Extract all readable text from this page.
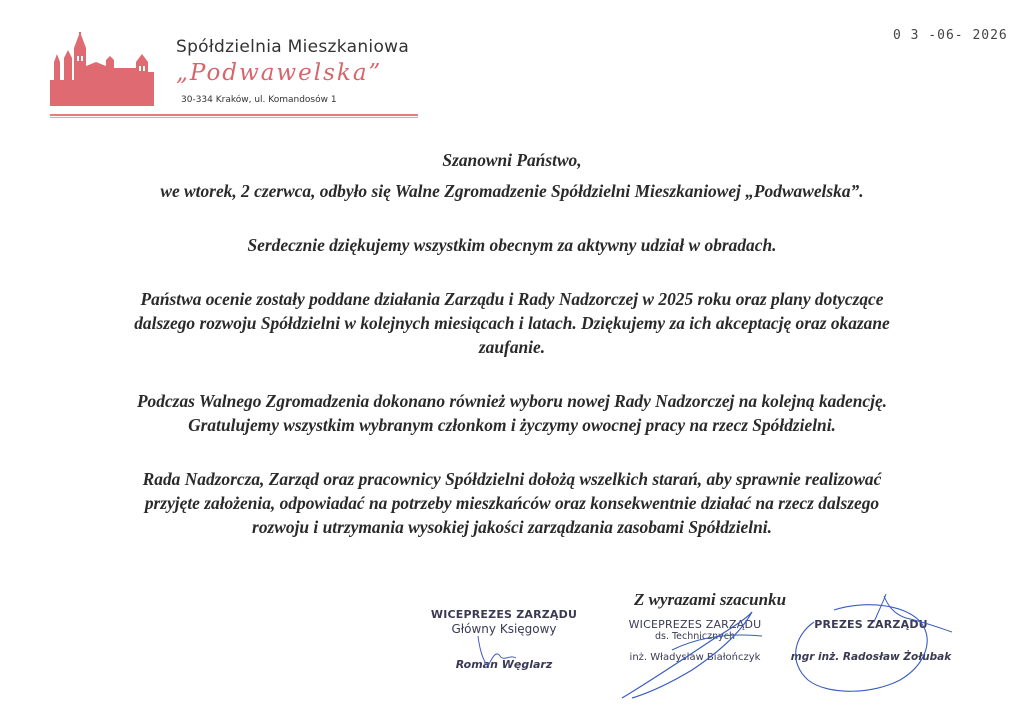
Spółdzielnia Mieszkaniowa
„Podwawelska”
30-334 Kraków, ul. Komandosów 1
0 3 -06- 2026

Szanowni Państwo,

we wtorek, 2 czerwca, odbyło się Walne Zgromadzenie Spółdzielni Mieszkaniowej „Podwawelska”.

Serdecznie dziękujemy wszystkim obecnym za aktywny udział w obradach.

Państwa ocenie zostały poddane działania Zarządu i Rady Nadzorczej w 2025 roku oraz plany dotyczące

dalszego rozwoju Spółdzielni w kolejnych miesiącach i latach. Dziękujemy za ich akceptację oraz okazane

zaufanie.

Podczas Walnego Zgromadzenia dokonano również wyboru nowej Rady Nadzorczej na kolejną kadencję.

Gratulujemy wszystkim wybranym członkom i życzymy owocnej pracy na rzecz Spółdzielni.

Rada Nadzorcza, Zarząd oraz pracownicy Spółdzielni dołożą wszelkich starań, aby sprawnie realizować

przyjęte założenia, odpowiadać na potrzeby mieszkańców oraz konsekwentnie działać na rzecz dalszego

rozwoju i utrzymania wysokiej jakości zarządzania zasobami Spółdzielni.

Z wyrazami szacunku
WICEPREZES ZARZĄDU
Główny Księgowy
Roman Węglarz
WICEPREZES ZARZĄDU
ds. Technicznych
inż. Władysław Białończyk
PREZES ZARZĄDU
mgr inż. Radosław Żołubak
